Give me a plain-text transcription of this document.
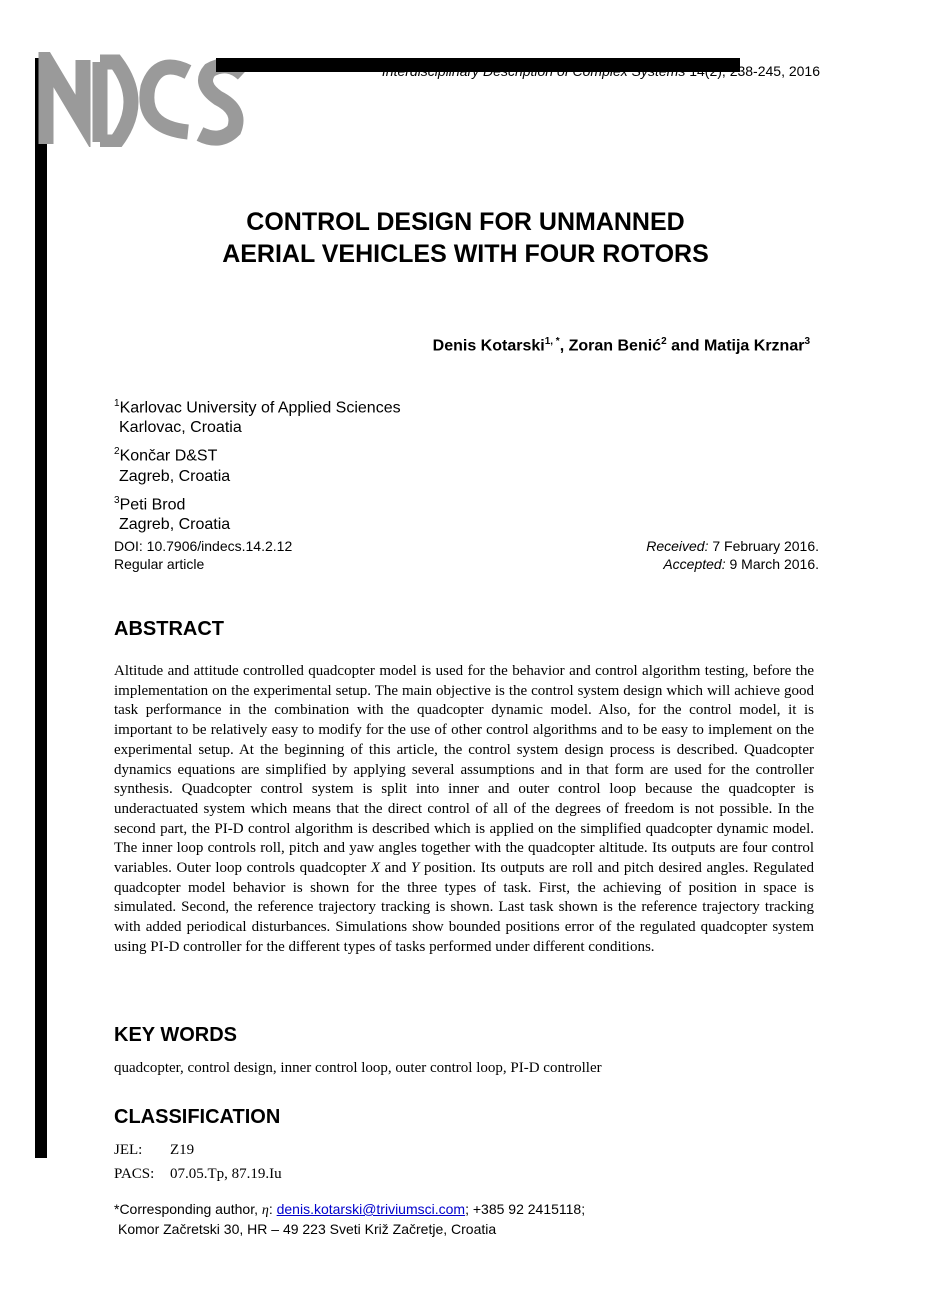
Interdisciplinary Description of Complex Systems 14(2), 238-245, 2016
CONTROL DESIGN FOR UNMANNED
AERIAL VEHICLES WITH FOUR ROTORS
Denis Kotarski$^{1, *}$, Zoran Benić$^2$ and Matija Krznar$^3$
$^1$Karlovac University of Applied Sciences
Karlovac, Croatia
$^2$Končar D&ST
Zagreb, Croatia
$^3$Peti Brod
Zagreb, Croatia
DOI: 10.7906/indecs.14.2.12	Received: 7 February 2016.
Regular article	Accepted: 9 March 2016.
ABSTRACT
Altitude and attitude controlled quadcopter model is used for the behavior and control algorithm testing, before the implementation on the experimental setup. The main objective is the control system design which will achieve good task performance in the combination with the quadcopter dynamic model. Also, for the control model, it is important to be relatively easy to modify for the use of other control algorithms and to be easy to implement on the experimental setup. At the beginning of this article, the control system design process is described. Quadcopter dynamics equations are simplified by applying several assumptions and in that form are used for the controller synthesis. Quadcopter control system is split into inner and outer control loop because the quadcopter is underactuated system which means that the direct control of all of the degrees of freedom is not possible. In the second part, the PI-D control algorithm is described which is applied on the simplified quadcopter dynamic model. The inner loop controls roll, pitch and yaw angles together with the quadcopter altitude. Its outputs are four control variables. Outer loop controls quadcopter X and Y position. Its outputs are roll and pitch desired angles. Regulated quadcopter model behavior is shown for the three types of task. First, the achieving of position in space is simulated. Second, the reference trajectory tracking is shown. Last task shown is the reference trajectory tracking with added periodical disturbances. Simulations show bounded positions error of the regulated quadcopter system using PI-D controller for the different types of tasks performed under different conditions.
KEY WORDS
quadcopter, control design, inner control loop, outer control loop, PI-D controller
CLASSIFICATION
JEL: Z19
PACS: 07.05.Tp, 87.19.Iu
*Corresponding author, η: denis.kotarski@triviumsci.com; +385 92 2415118;
Komor Začretski 30, HR – 49 223 Sveti Križ Začretje, Croatia
